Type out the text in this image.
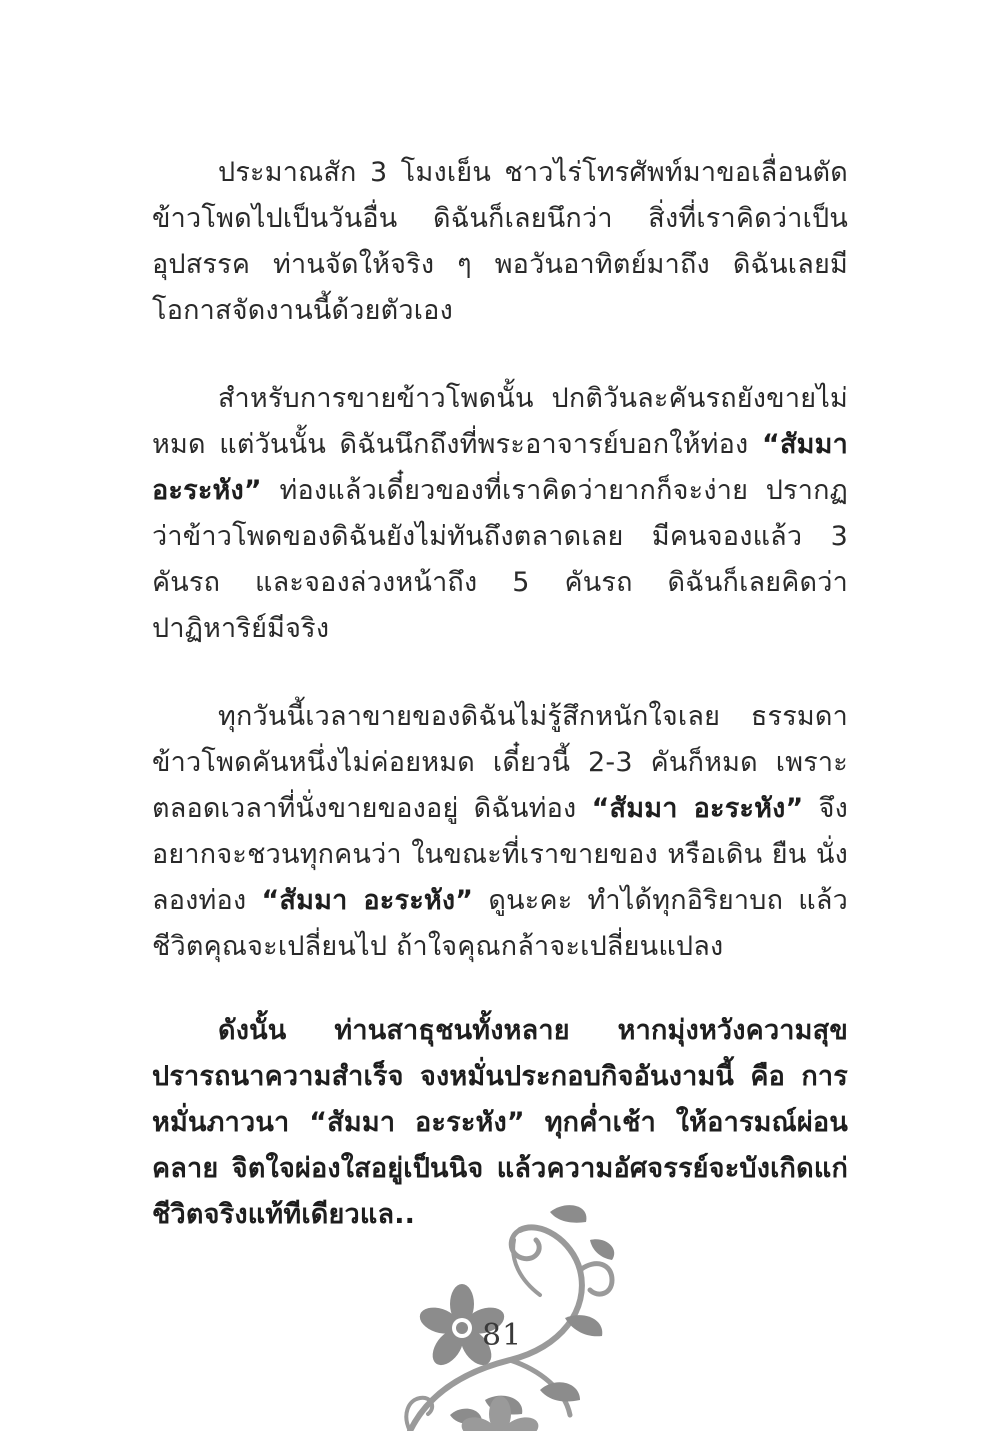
ประมาณสัก 3 โมงเย็น ชาวไร่โทรศัพท์มาขอเลื่อนตัดข้าวโพดไปเป็นวันอื่น ดิฉันก็เลยนึกว่า สิ่งที่เราคิดว่าเป็นอุปสรรค ท่านจัดให้จริง ๆ พอวันอาทิตย์มาถึง ดิฉันเลยมีโอกาสจัดงานนี้ด้วยตัวเอง

สำหรับการขายข้าวโพดนั้น ปกติวันละคันรถยังขายไม่หมด แต่วันนั้น ดิฉันนึกถึงที่พระอาจารย์บอกให้ท่อง “สัมมา อะระหัง” ท่องแล้วเดี๋ยวของที่เราคิดว่ายากก็จะง่าย ปรากฏว่าข้าวโพดของดิฉันยังไม่ทันถึงตลาดเลย มีคนจองแล้ว 3 คันรถ และจองล่วงหน้าถึง 5 คันรถ ดิฉันก็เลยคิดว่าปาฏิหาริย์มีจริง

ทุกวันนี้เวลาขายของดิฉันไม่รู้สึกหนักใจเลย ธรรมดาข้าวโพดคันหนึ่งไม่ค่อยหมด เดี๋ยวนี้ 2-3 คันก็หมด เพราะตลอดเวลาที่นั่งขายของอยู่ ดิฉันท่อง “สัมมา อะระหัง” จึงอยากจะชวนทุกคนว่า ในขณะที่เราขายของ หรือเดิน ยืน นั่ง ลองท่อง “สัมมา อะระหัง” ดูนะคะ ทำได้ทุกอิริยาบถ แล้วชีวิตคุณจะเปลี่ยนไป ถ้าใจคุณกล้าจะเปลี่ยนแปลง

ดังนั้น ท่านสาธุชนทั้งหลาย หากมุ่งหวังความสุข ปรารถนาความสำเร็จ จงหมั่นประกอบกิจอันงามนี้ คือ การหมั่นภาวนา “สัมมา อะระหัง” ทุกค่ำเช้า ให้อารมณ์ผ่อนคลาย จิตใจผ่องใสอยู่เป็นนิจ แล้วความอัศจรรย์จะบังเกิดแก่ชีวิตจริงแท้ทีเดียวแล..

81
